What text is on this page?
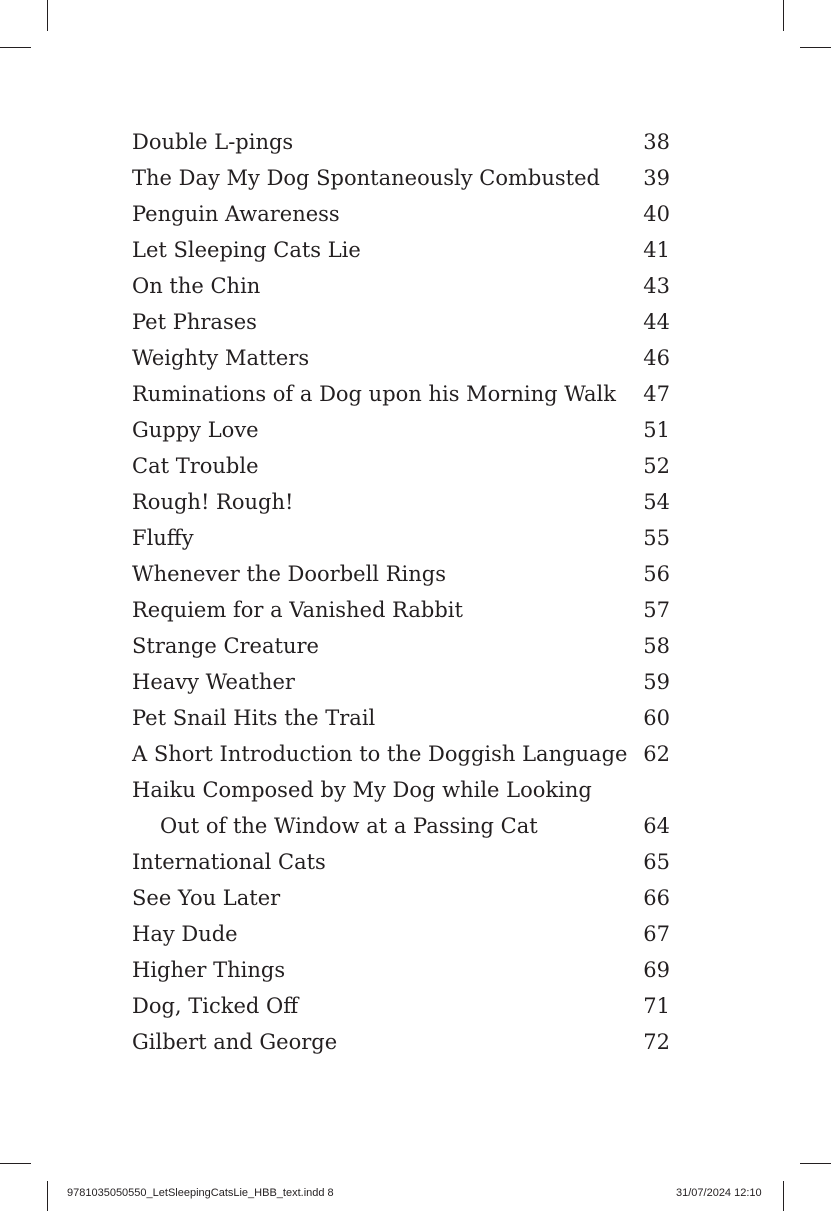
Double L-pings	38
The Day My Dog Spontaneously Combusted 39
Penguin Awareness	40
Let Sleeping Cats Lie	41
On the Chin	43
Pet Phrases	44
Weighty Matters	46
Ruminations of a Dog upon his Morning Walk 47
Guppy Love	51
Cat Trouble	52
Rough! Rough!	54
Fluffy	55
Whenever the Doorbell Rings	56
Requiem for a Vanished Rabbit	57
Strange Creature	58
Heavy Weather	59
Pet Snail Hits the Trail	60
A Short Introduction to the Doggish Language 62
Haiku Composed by My Dog while Looking
Out of the Window at a Passing Cat	64
International Cats	65
See You Later	66
Hay Dude	67
Higher Things	69
Dog, Ticked Off	71
Gilbert and George	72
9781035050550_LetSleepingCatsLie_HBB_text.indd 8	31/07/2024 12:10
